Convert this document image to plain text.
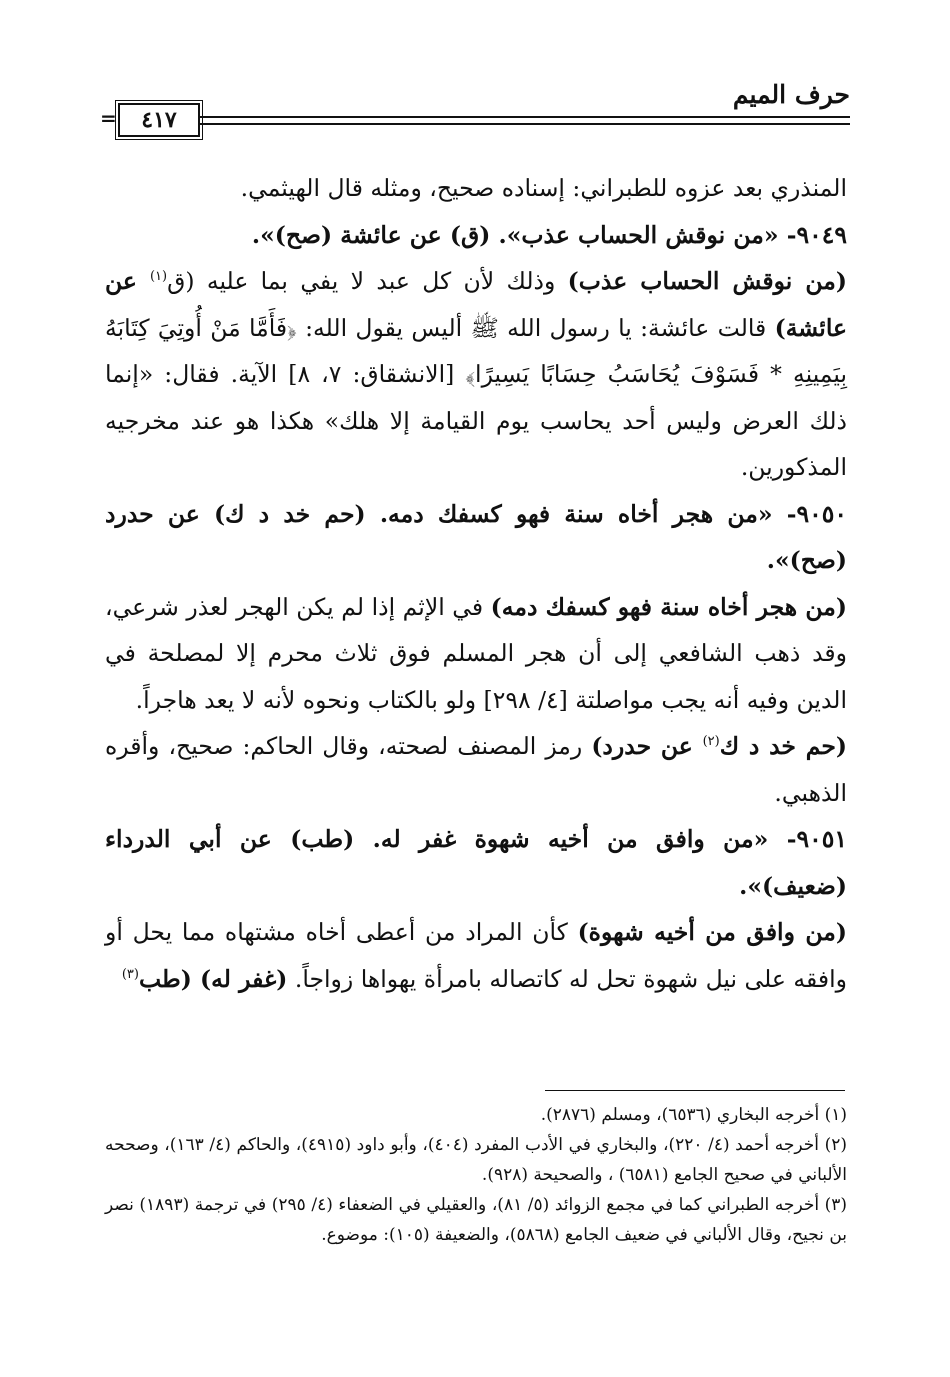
حرف الميم
٤١٧
=

المنذري بعد عزوه للطبراني: إسناده صحيح، ومثله قال الهيثمي.

٩٠٤٩- «من نوقش الحساب عذب». (ق) عن عائشة (صح)».

(من نوقش الحساب عذب) وذلك لأن كل عبد لا يفي بما عليه (ق$^{(١)}$ عن عائشة) قالت عائشة: يا رسول الله ﷺ أليس يقول الله: ﴿فَأَمَّا مَنْ أُوتِيَ كِتَابَهُ بِيَمِينِهِ * فَسَوْفَ يُحَاسَبُ حِسَابًا يَسِيرًا﴾ [الانشقاق: ٧، ٨] الآية. فقال: «إنما ذلك العرض وليس أحد يحاسب يوم القيامة إلا هلك» هكذا هو عند مخرجيه المذكورين.

٩٠٥٠- «من هجر أخاه سنة فهو كسفك دمه. (حم خد د ك) عن حدرد (صح)».

(من هجر أخاه سنة فهو كسفك دمه) في الإثم إذا لم يكن الهجر لعذر شرعي، وقد ذهب الشافعي إلى أن هجر المسلم فوق ثلاث محرم إلا لمصلحة في الدين وفيه أنه يجب مواصلتة [٤/ ٢٩٨] ولو بالكتاب ونحوه لأنه لا يعد هاجراً.

(حم خد د ك$^{(٢)}$ عن حدرد) رمز المصنف لصحته، وقال الحاكم: صحيح، وأقره الذهبي.

٩٠٥١- «من وافق من أخيه شهوة غفر له. (طب) عن أبي الدرداء (ضعيف)».

(من وافق من أخيه شهوة) كأن المراد من أعطى أخاه مشتهاه مما يحل أو وافقه على نيل شهوة تحل له كاتصاله بامرأة يهواها زواجاً. (غفر له) (طب$^{(٣)}$

(١) أخرجه البخاري (٦٥٣٦)، ومسلم (٢٨٧٦).

(٢) أخرجه أحمد (٤/ ٢٢٠)، والبخاري في الأدب المفرد (٤٠٤)، وأبو داود (٤٩١٥)، والحاكم (٤/ ١٦٣)، وصححه الألباني في صحيح الجامع (٦٥٨١) ، والصحيحة (٩٢٨).

(٣) أخرجه الطبراني كما في مجمع الزوائد (٥/ ٨١)، والعقيلي في الضعفاء (٤/ ٢٩٥) في ترجمة (١٨٩٣) نصر بن نجيح، وقال الألباني في ضعيف الجامع (٥٨٦٨)، والضعيفة (١٠٥): موضوع.
